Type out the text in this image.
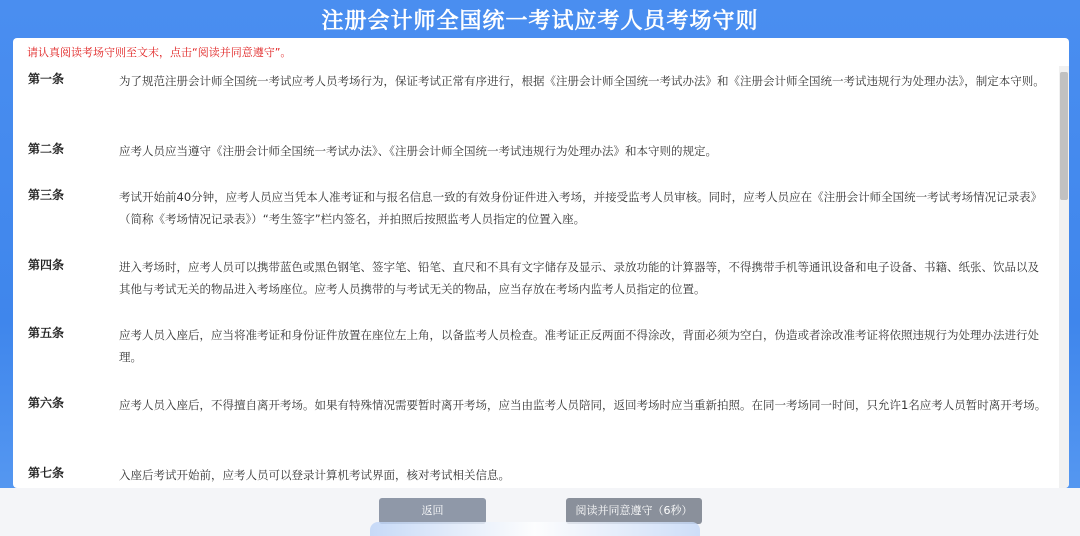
注册会计师全国统一考试应考人员考场守则
请认真阅读考场守则至文末，点击“阅读并同意遵守”。
第一条	为了规范注册会计师全国统一考试应考人员考场行为，保证考试正常有序进行，根据《注册会计师全国统一考试办法》和《注册会计师全国统一考试违规行为处理办法》，制定本守则。
第二条	应考人员应当遵守《注册会计师全国统一考试办法》、《注册会计师全国统一考试违规行为处理办法》和本守则的规定。
第三条	考试开始前40分钟，应考人员应当凭本人准考证和与报名信息一致的有效身份证件进入考场，并接受监考人员审核。同时，应考人员应在《注册会计师全国统一考试考场情况记录表》（简称《考场情况记录表》）“考生签字”栏内签名，并拍照后按照监考人员指定的位置入座。
第四条	进入考场时，应考人员可以携带蓝色或黑色钢笔、签字笔、铅笔、直尺和不具有文字储存及显示、录放功能的计算器等，不得携带手机等通讯设备和电子设备、书籍、纸张、饮品以及其他与考试无关的物品进入考场座位。应考人员携带的与考试无关的物品，应当存放在考场内监考人员指定的位置。
第五条	应考人员入座后，应当将准考证和身份证件放置在座位左上角，以备监考人员检查。准考证正反两面不得涂改，背面必须为空白，伪造或者涂改准考证将依照违规行为处理办法进行处理。
第六条	应考人员入座后，不得擅自离开考场。如果有特殊情况需要暂时离开考场，应当由监考人员陪同，返回考场时应当重新拍照。在同一考场同一时间，只允许1名应考人员暂时离开考场。
第七条	入座后考试开始前，应考人员可以登录计算机考试界面，核对考试相关信息。
返回	阅读并同意遵守（6秒）
